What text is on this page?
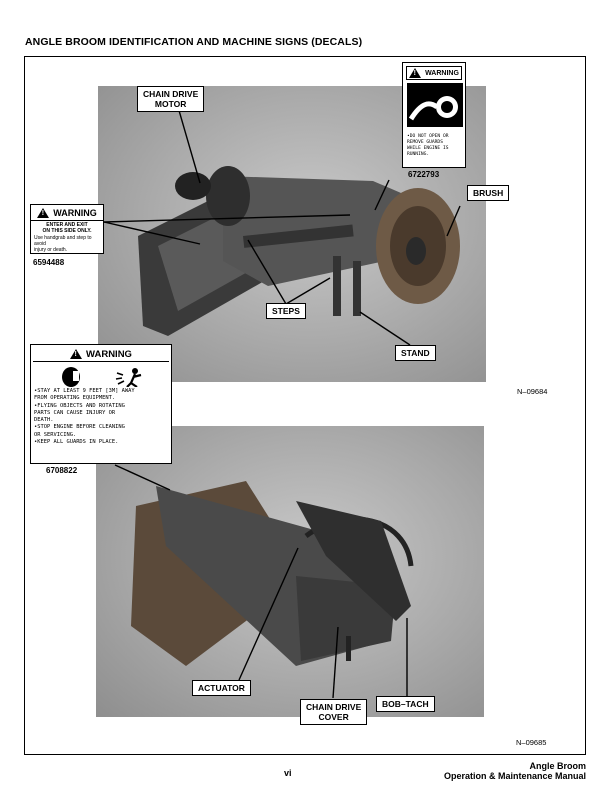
ANGLE BROOM IDENTIFICATION AND MACHINE SIGNS (DECALS)
CHAIN DRIVE
MOTOR
BRUSH
STEPS
STAND
N–09684
! WARNING
•DO NOT OPEN OR
REMOVE GUARDS
WHILE ENGINE IS
RUNNING.
6722793
! WARNING
ENTER AND EXIT
ON THIS SIDE ONLY.
Use handgrab and step to avoid
injury or death.
6594488
! WARNING
•STAY AT LEAST 9 FEET [3M] AWAY
FROM OPERATING EQUIPMENT.
•FLYING OBJECTS AND ROTATING
PARTS CAN CAUSE INJURY OR
DEATH.
•STOP ENGINE BEFORE CLEANING
OR SERVICING.
•KEEP ALL GUARDS IN PLACE.
6708822
ACTUATOR
CHAIN DRIVE
COVER
BOB–TACH
N–09685
vi
Angle Broom
Operation & Maintenance Manual
